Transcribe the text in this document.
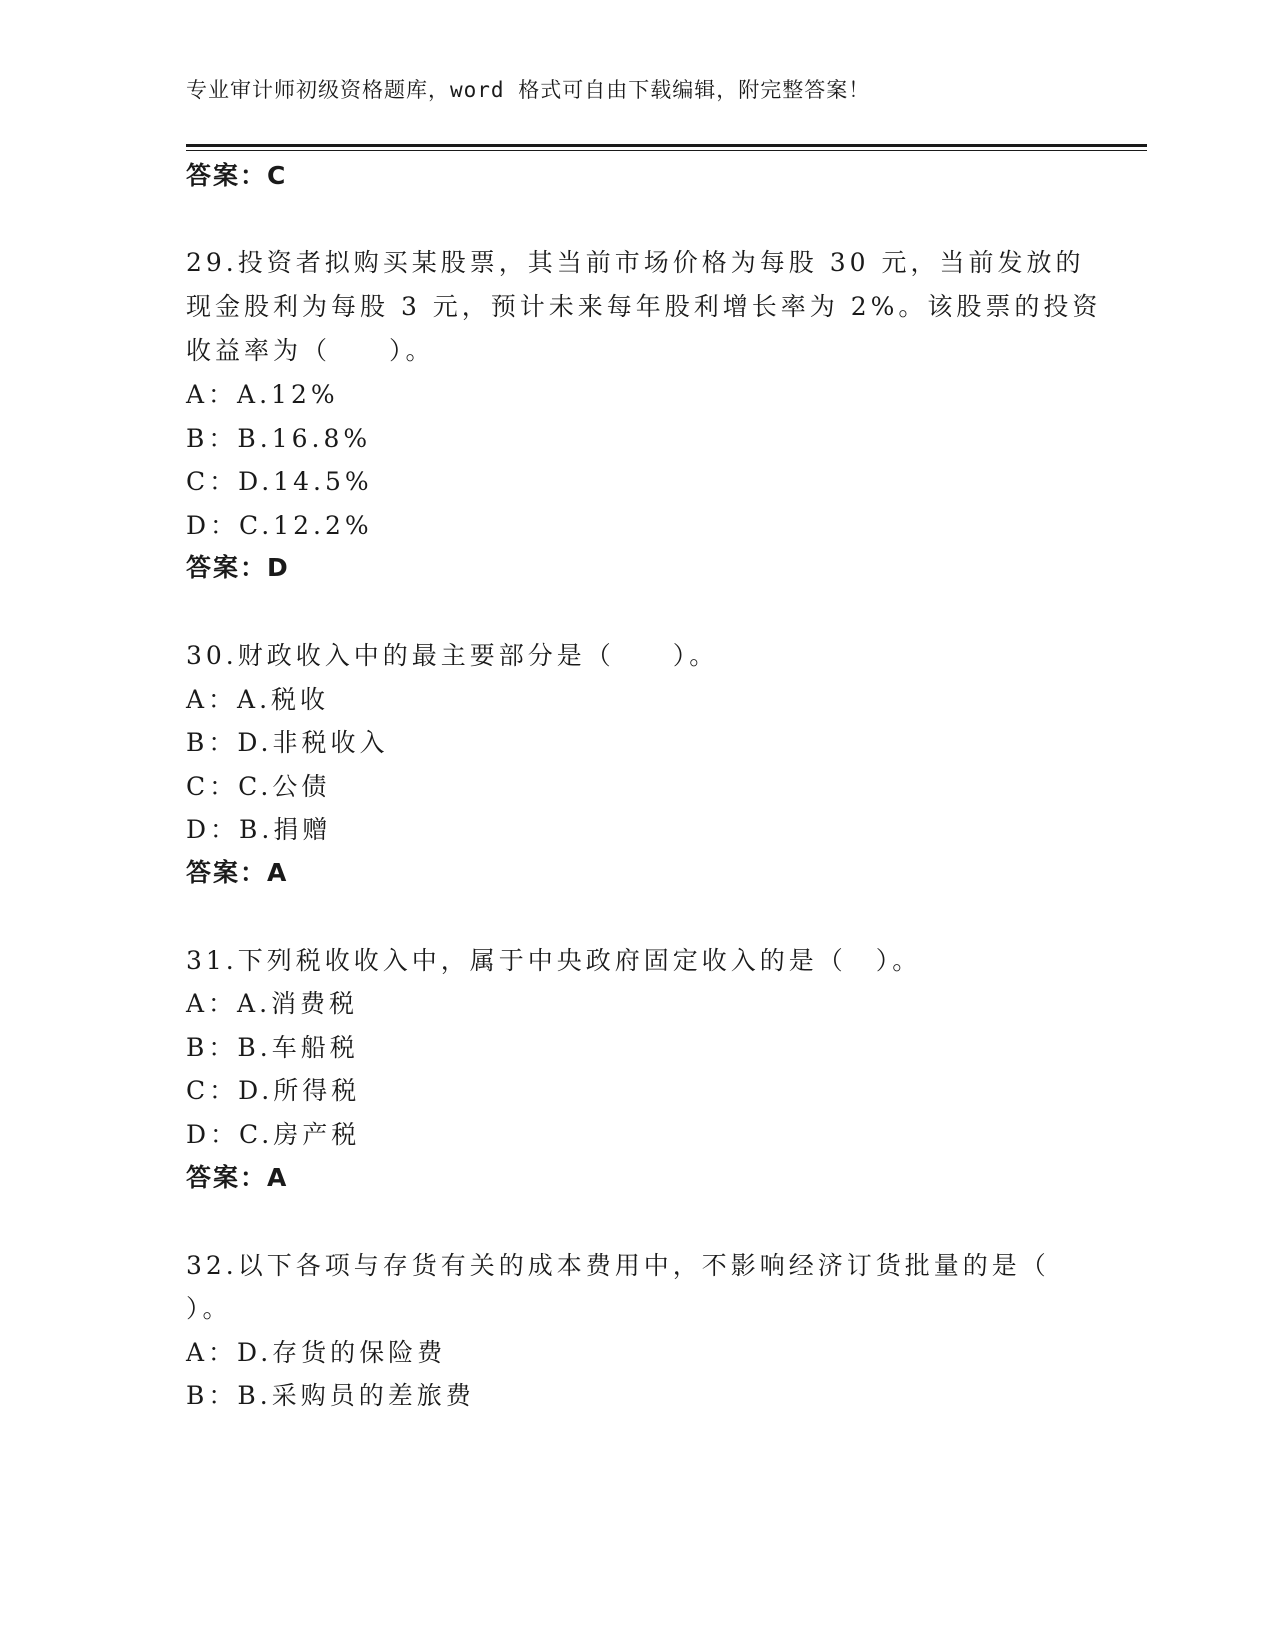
专业审计师初级资格题库，word 格式可自由下载编辑，附完整答案！
答案：C
29.投资者拟购买某股票，其当前市场价格为每股 30 元，当前发放的
现金股利为每股 3 元，预计未来每年股利增长率为 2%。该股票的投资
收益率为（　　）。
A：A.12%
B：B.16.8%
C：D.14.5%
D：C.12.2%
答案：D
30.财政收入中的最主要部分是（　　）。
A：A.税收
B：D.非税收入
C：C.公债
D：B.捐赠
答案：A
31.下列税收收入中，属于中央政府固定收入的是（　）。
A：A.消费税
B：B.车船税
C：D.所得税
D：C.房产税
答案：A
32.以下各项与存货有关的成本费用中，不影响经济订货批量的是（
）。
A：D.存货的保险费
B：B.采购员的差旅费
